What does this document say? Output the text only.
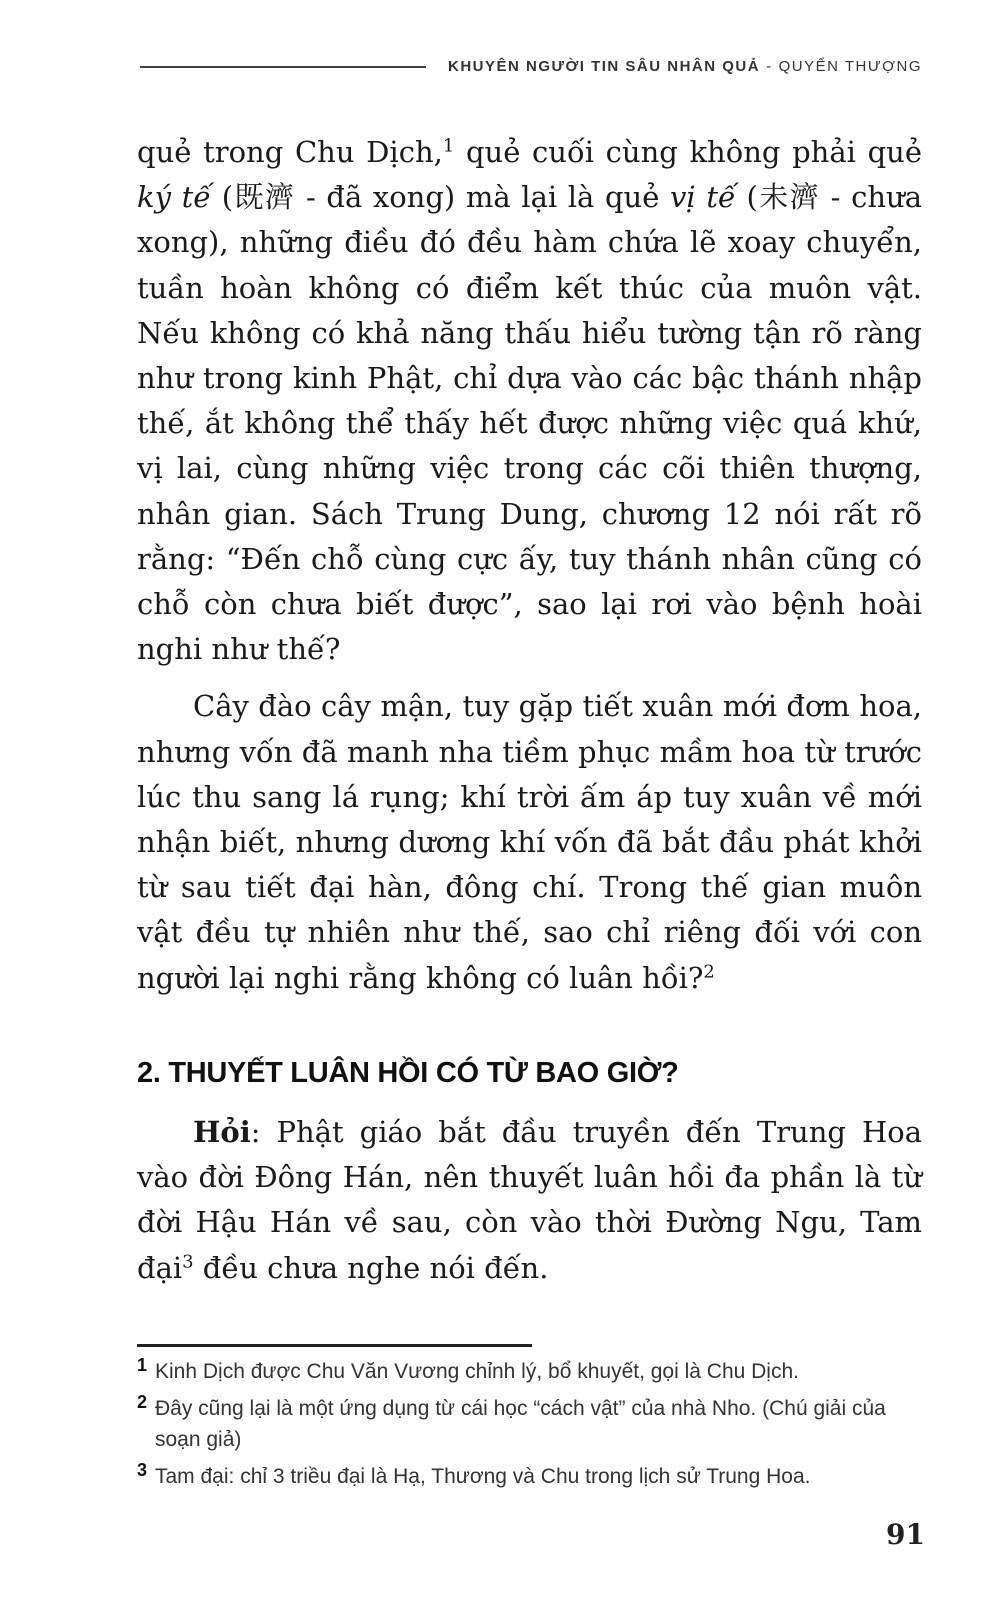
KHUYÊN NGƯỜI TIN SÂU NHÂN QUẢ - QUYỂN THƯỢNG

quẻ trong Chu Dịch,$^1$ quẻ cuối cùng không phải quẻ ký tế (既濟 - đã xong) mà lại là quẻ vị tế (未濟 - chưa xong), những điều đó đều hàm chứa lẽ xoay chuyển, tuần hoàn không có điểm kết thúc của muôn vật. Nếu không có khả năng thấu hiểu tường tận rõ ràng như trong kinh Phật, chỉ dựa vào các bậc thánh nhập thế, ắt không thể thấy hết được những việc quá khứ, vị lai, cùng những việc trong các cõi thiên thượng, nhân gian. Sách Trung Dung, chương 12 nói rất rõ rằng: “Đến chỗ cùng cực ấy, tuy thánh nhân cũng có chỗ còn chưa biết được”, sao lại rơi vào bệnh hoài nghi như thế?

Cây đào cây mận, tuy gặp tiết xuân mới đơm hoa, nhưng vốn đã manh nha tiềm phục mầm hoa từ trước lúc thu sang lá rụng; khí trời ấm áp tuy xuân về mới nhận biết, nhưng dương khí vốn đã bắt đầu phát khởi từ sau tiết đại hàn, đông chí. Trong thế gian muôn vật đều tự nhiên như thế, sao chỉ riêng đối với con người lại nghi rằng không có luân hồi?$^2$

2. THUYẾT LUÂN HỒI CÓ TỪ BAO GIỜ?

Hỏi: Phật giáo bắt đầu truyền đến Trung Hoa vào đời Đông Hán, nên thuyết luân hồi đa phần là từ đời Hậu Hán về sau, còn vào thời Đường Ngu, Tam đại$^3$ đều chưa nghe nói đến.

1 Kinh Dịch được Chu Văn Vương chỉnh lý, bổ khuyết, gọi là Chu Dịch.
2 Đây cũng lại là một ứng dụng từ cái học “cách vật” của nhà Nho. (Chú giải của soạn giả)
3 Tam đại: chỉ 3 triều đại là Hạ, Thương và Chu trong lịch sử Trung Hoa.
91
